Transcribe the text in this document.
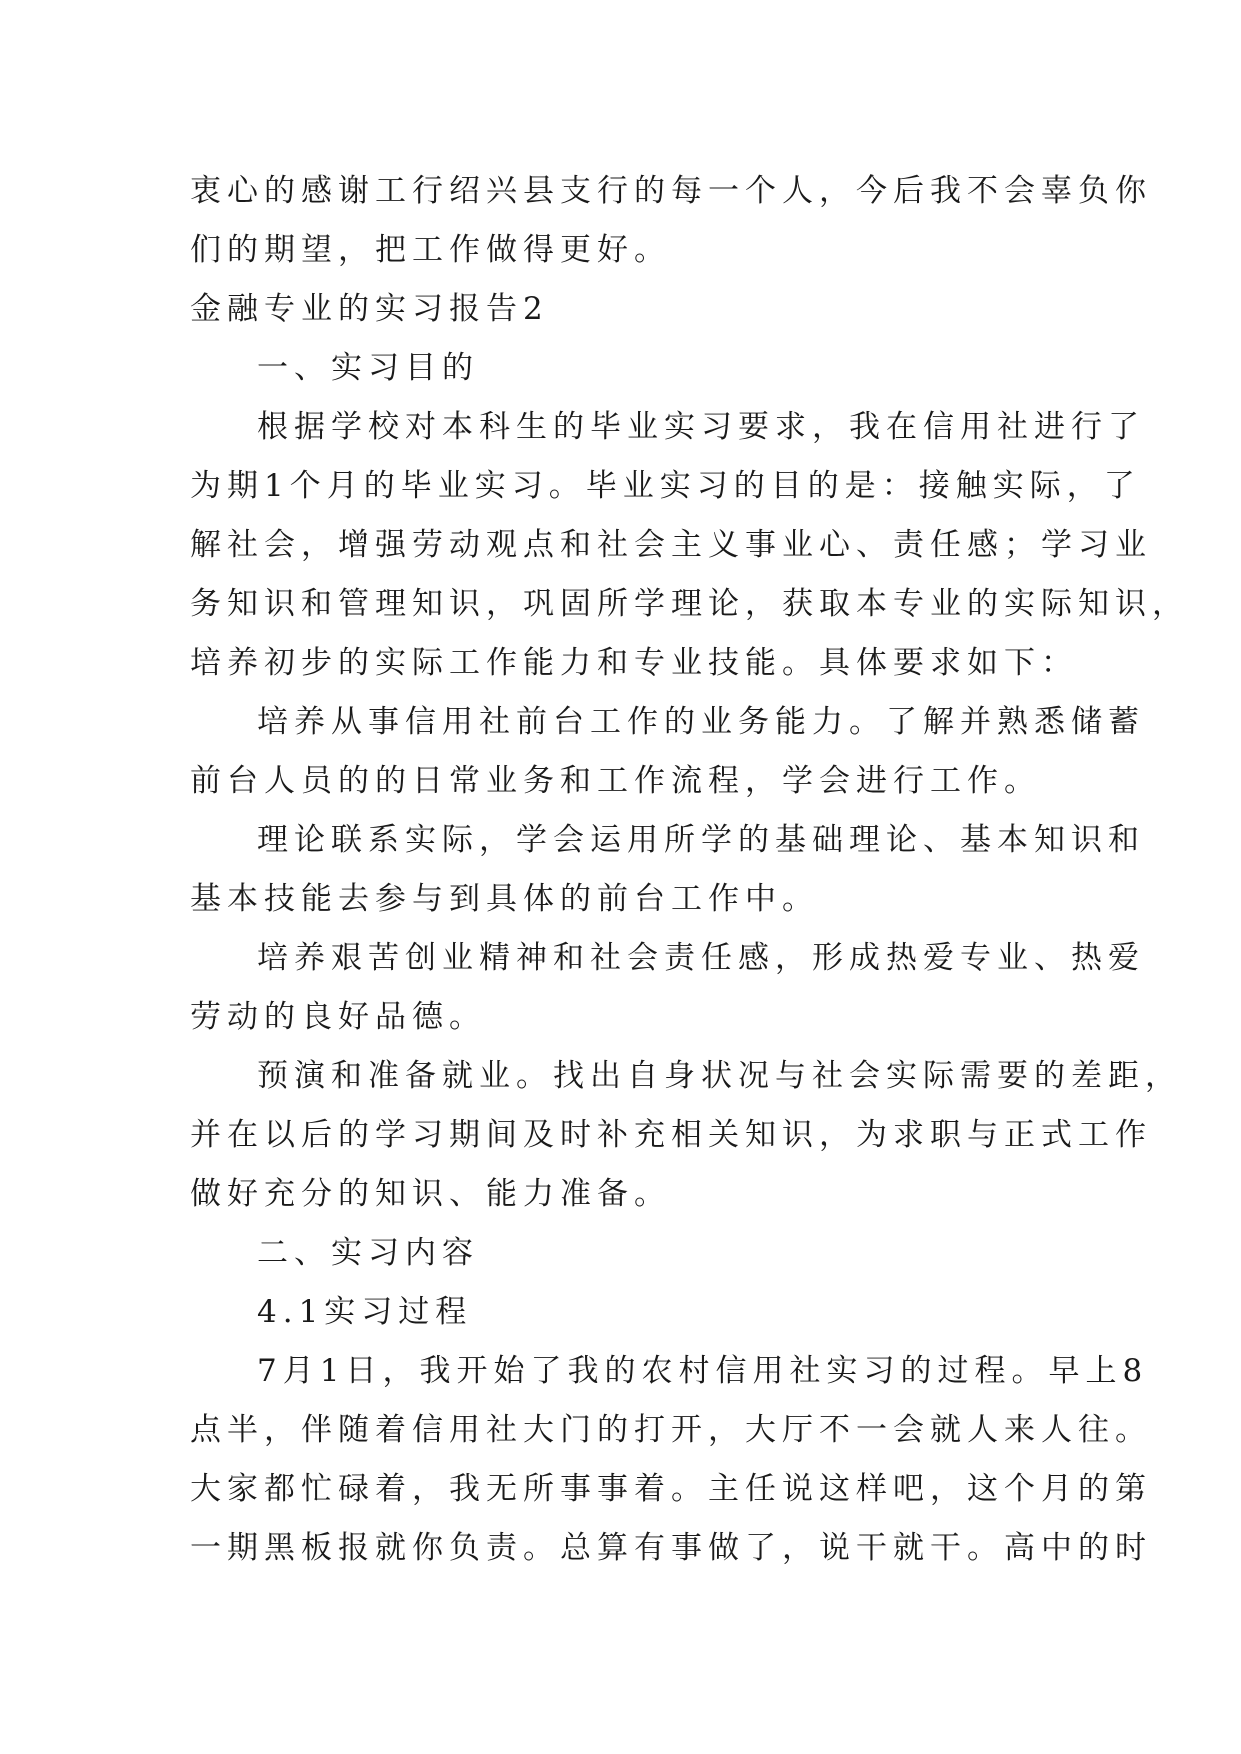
衷心的感谢工行绍兴县支行的每一个人，今后我不会辜负你
们的期望，把工作做得更好。
金融专业的实习报告2
一、实习目的
根据学校对本科生的毕业实习要求，我在信用社进行了
为期1个月的毕业实习。毕业实习的目的是：接触实际，了
解社会，增强劳动观点和社会主义事业心、责任感；学习业
务知识和管理知识，巩固所学理论，获取本专业的实际知识，
培养初步的实际工作能力和专业技能。具体要求如下：
培养从事信用社前台工作的业务能力。了解并熟悉储蓄
前台人员的的日常业务和工作流程，学会进行工作。
理论联系实际，学会运用所学的基础理论、基本知识和
基本技能去参与到具体的前台工作中。
培养艰苦创业精神和社会责任感，形成热爱专业、热爱
劳动的良好品德。
预演和准备就业。找出自身状况与社会实际需要的差距，
并在以后的学习期间及时补充相关知识，为求职与正式工作
做好充分的知识、能力准备。
二、实习内容
4.1实习过程
7月1日，我开始了我的农村信用社实习的过程。早上8
点半，伴随着信用社大门的打开，大厅不一会就人来人往。
大家都忙碌着，我无所事事着。主任说这样吧，这个月的第
一期黑板报就你负责。总算有事做了，说干就干。高中的时
